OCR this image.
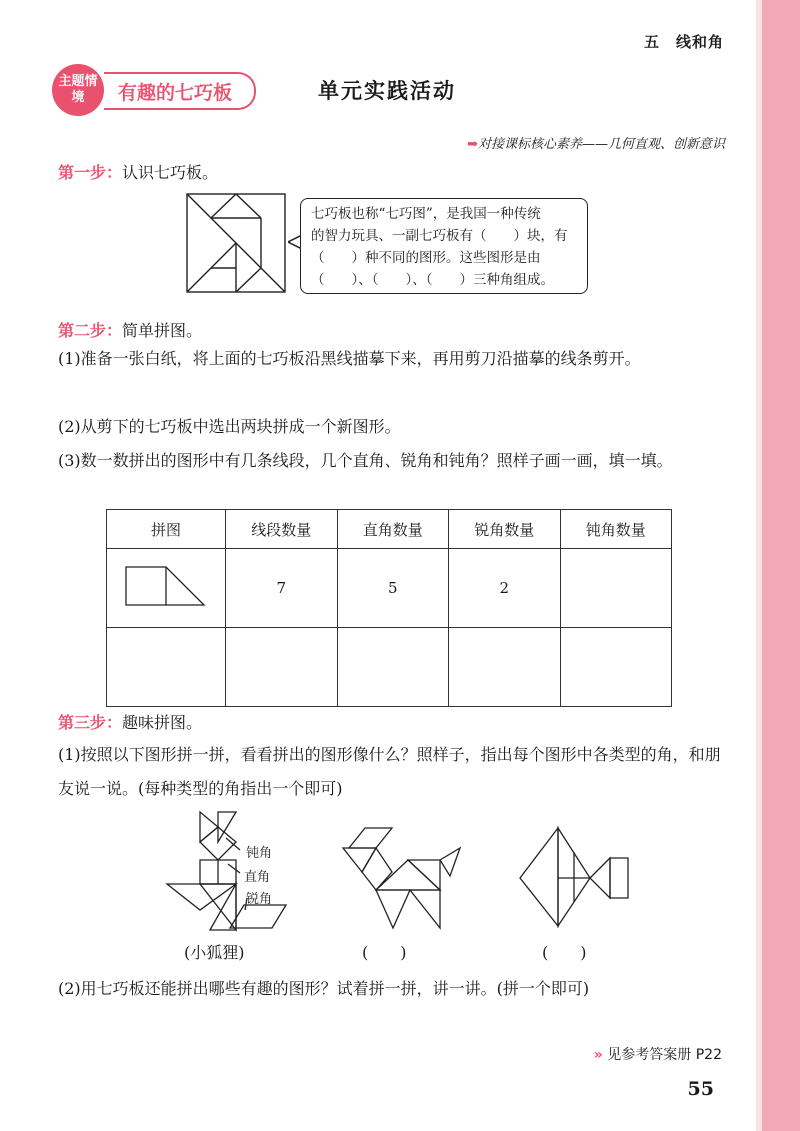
五　线和角
主题情境	有趣的七巧板	单元实践活动
➡对接课标核心素养——几何直观、创新意识
第一步：认识七巧板。
七巧板也称“七巧图”，是我国一种传统
的智力玩具、一副七巧板有（　　）块，有
（　　）种不同的图形。这些图形是由
（　　）、（　　）、（　　）三种角组成。
第二步：简单拼图。
(1)准备一张白纸，将上面的七巧板沿黑线描摹下来，再用剪刀沿描摹的线条剪开。
(2)从剪下的七巧板中选出两块拼成一个新图形。
(3)数一数拼出的图形中有几条线段，几个直角、锐角和钝角？照样子画一画，填一填。
拼图	线段数量	直角数量	锐角数量	钝角数量
	7	5	2	

第三步：趣味拼图。
(1)按照以下图形拼一拼，看看拼出的图形像什么？照样子，指出每个图形中各类型的角，和朋友说一说。(每种类型的角指出一个即可)
钝角
直角
锐角
(小狐狸)	(　　)	(　　)
(2)用七巧板还能拼出哪些有趣的图形？试着拼一拼，讲一讲。(拼一个即可)
» 见参考答案册 P22
55
